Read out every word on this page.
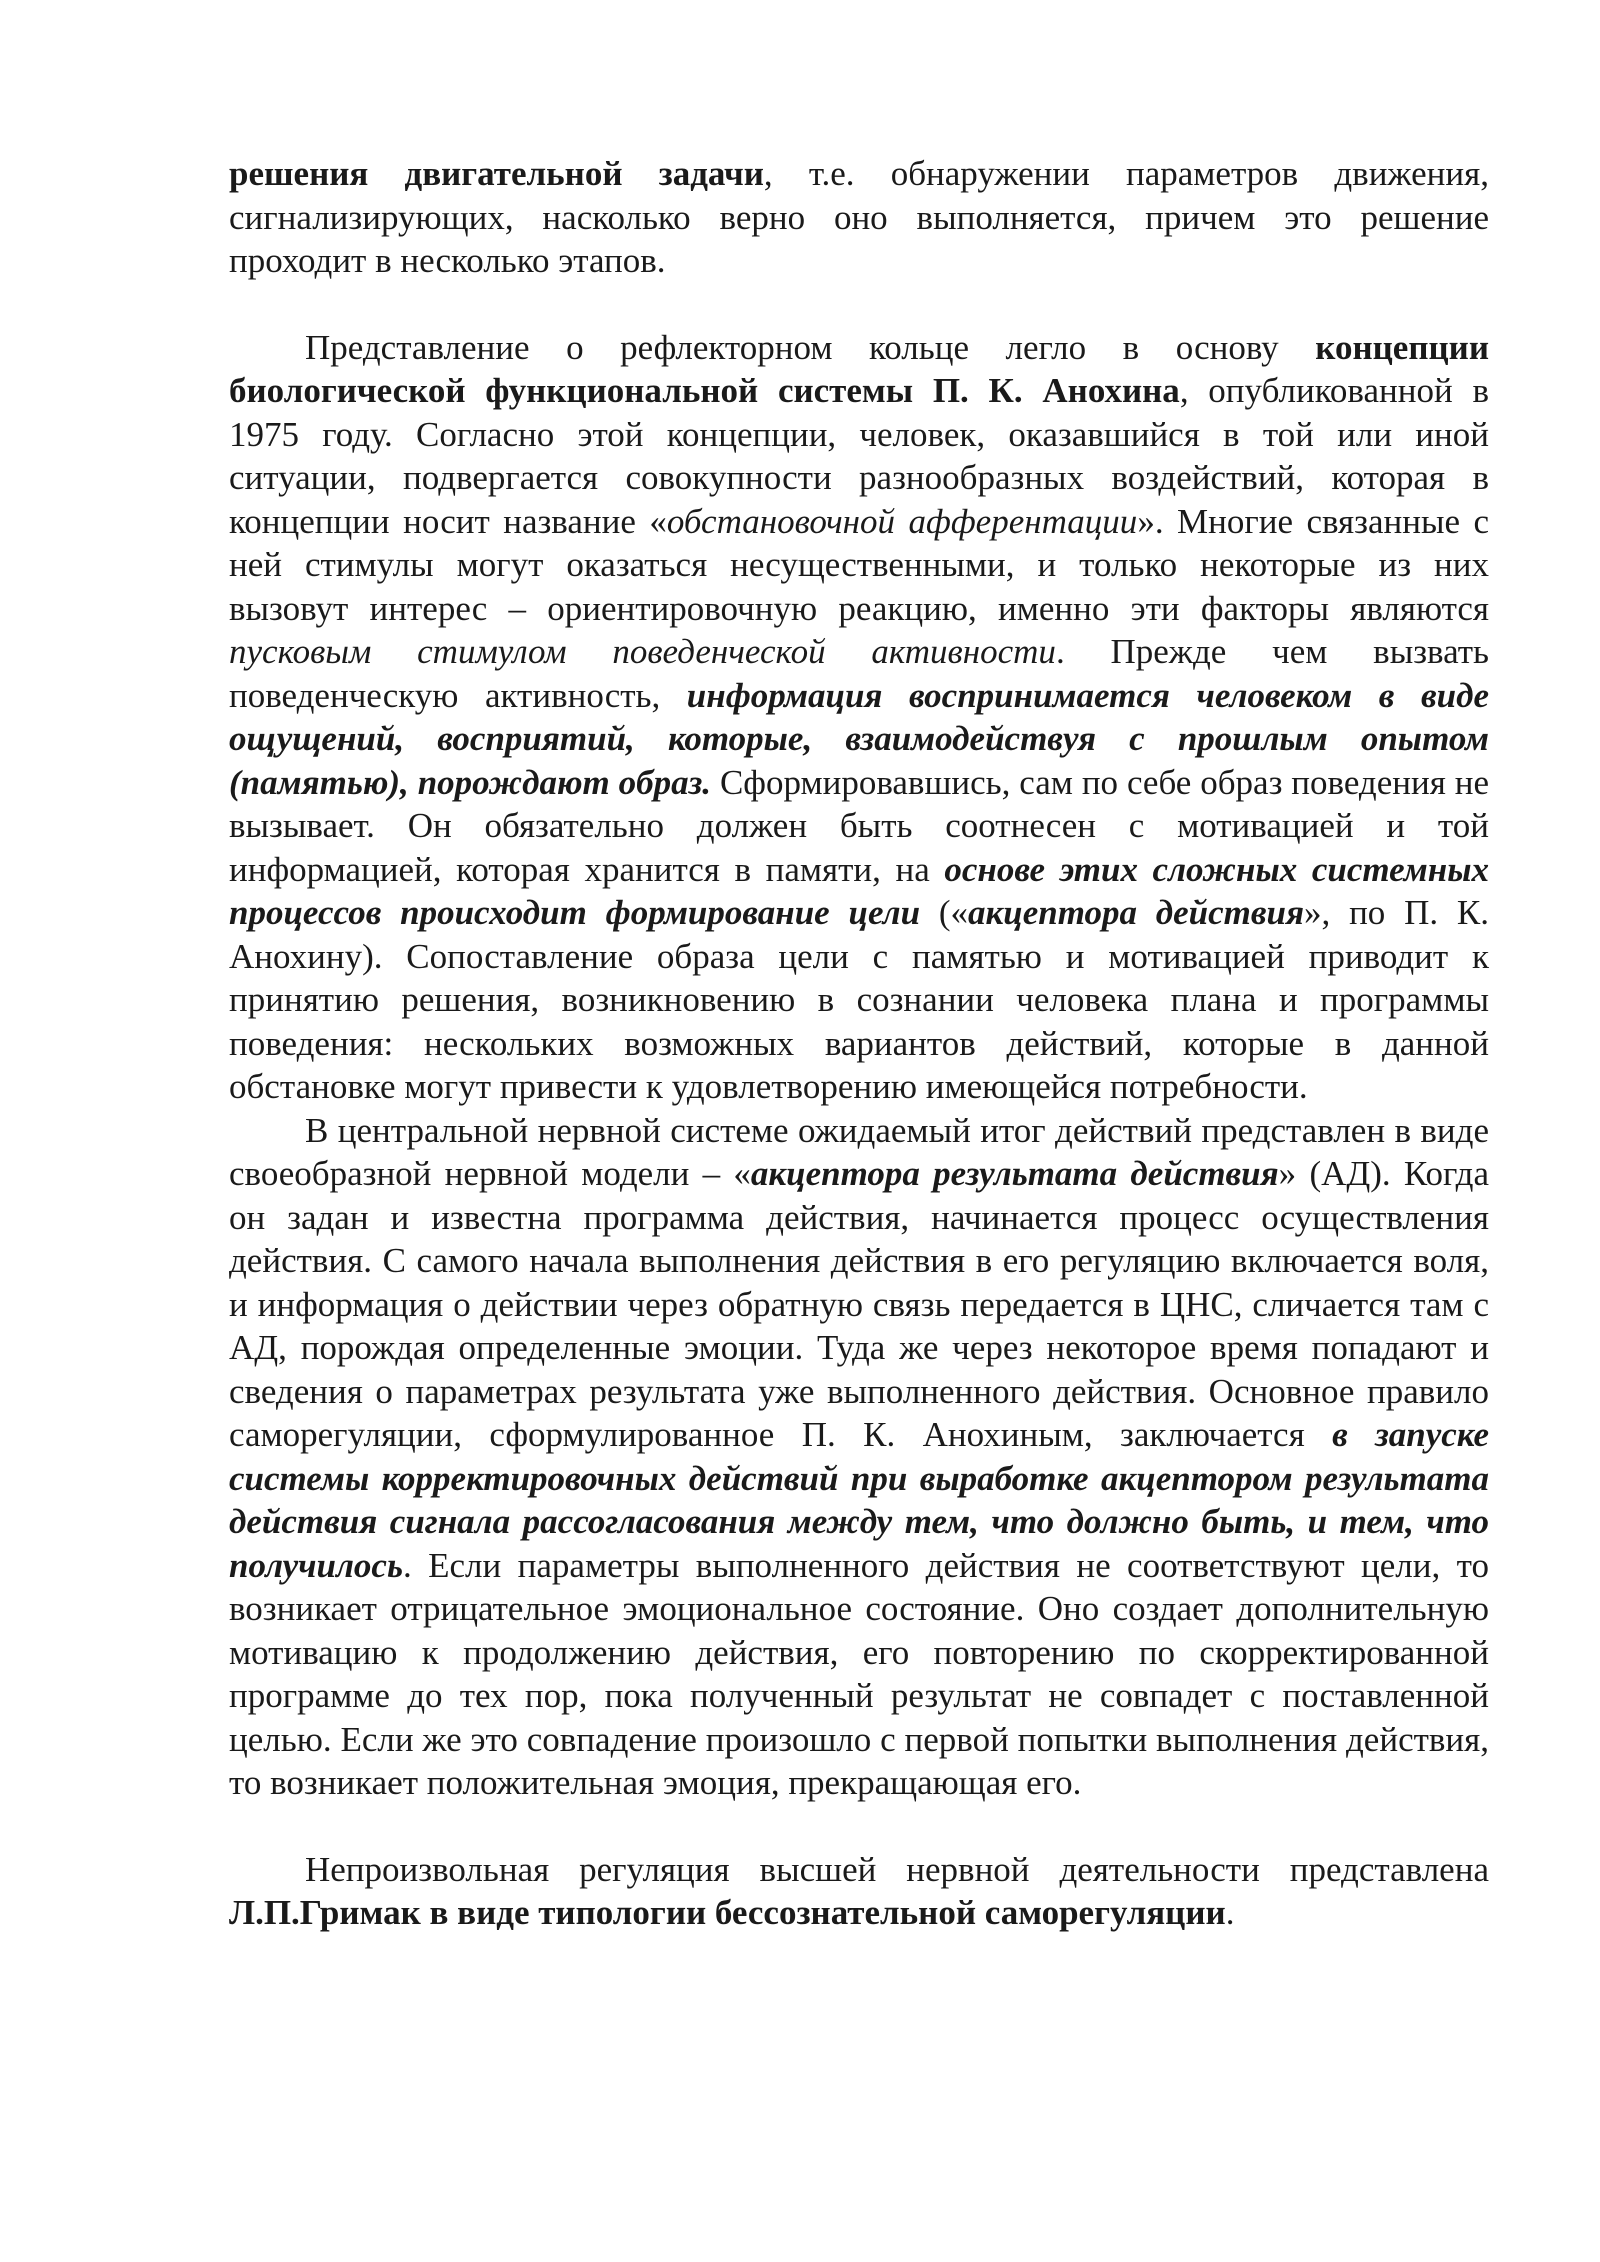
решения двигательной задачи, т.е. обнаружении параметров движения, сигнализирующих, насколько верно оно выполняется, причем это решение проходит в несколько этапов.

Представление о рефлекторном кольце легло в основу концепции биологической функциональной системы П. К. Анохина, опубликованной в 1975 году. Согласно этой концепции, человек, оказавшийся в той или иной ситуации, подвергается совокупности разнообразных воздействий, которая в концепции носит название «обстановочной афферентации». Многие связанные с ней стимулы могут оказаться несущественными, и только некоторые из них вызовут интерес – ориентировочную реакцию, именно эти факторы являются пусковым стимулом поведенческой активности. Прежде чем вызвать поведенческую активность, информация воспринимается человеком в виде ощущений, восприятий, которые, взаимодействуя с прошлым опытом (памятью), порождают образ. Сформировавшись, сам по себе образ поведения не вызывает. Он обязательно должен быть соотнесен с мотивацией и той информацией, которая хранится в памяти, на основе этих сложных системных процессов происходит формирование цели («акцептора действия», по П. К. Анохину). Сопоставление образа цели с памятью и мотивацией приводит к принятию решения, возникновению в сознании человека плана и программы поведения: нескольких возможных вариантов действий, которые в данной обстановке могут привести к удовлетворению имеющейся потребности.

В центральной нервной системе ожидаемый итог действий представлен в виде своеобразной нервной модели – «акцептора результата действия» (АД). Когда он задан и известна программа действия, начинается процесс осуществления действия. С самого начала выполнения действия в его регуляцию включается воля, и информация о действии через обратную связь передается в ЦНС, сличается там с АД, порождая определенные эмоции. Туда же через некоторое время попадают и сведения о параметрах результата уже выполненного действия. Основное правило саморегуляции, сформулированное П. К. Анохиным, заключается в запуске системы корректировочных действий при выработке акцептором результата действия сигнала рассогласования между тем, что должно быть, и тем, что получилось. Если параметры выполненного действия не соответствуют цели, то возникает отрицательное эмоциональное состояние. Оно создает дополнительную мотивацию к продолжению действия, его повторению по скорректированной программе до тех пор, пока полученный результат не совпадет с поставленной целью. Если же это совпадение произошло с первой попытки выполнения действия, то возникает положительная эмоция, прекращающая его.

Непроизвольная регуляция высшей нервной деятельности представлена Л.П.Гримак в виде типологии бессознательной саморегуляции.
